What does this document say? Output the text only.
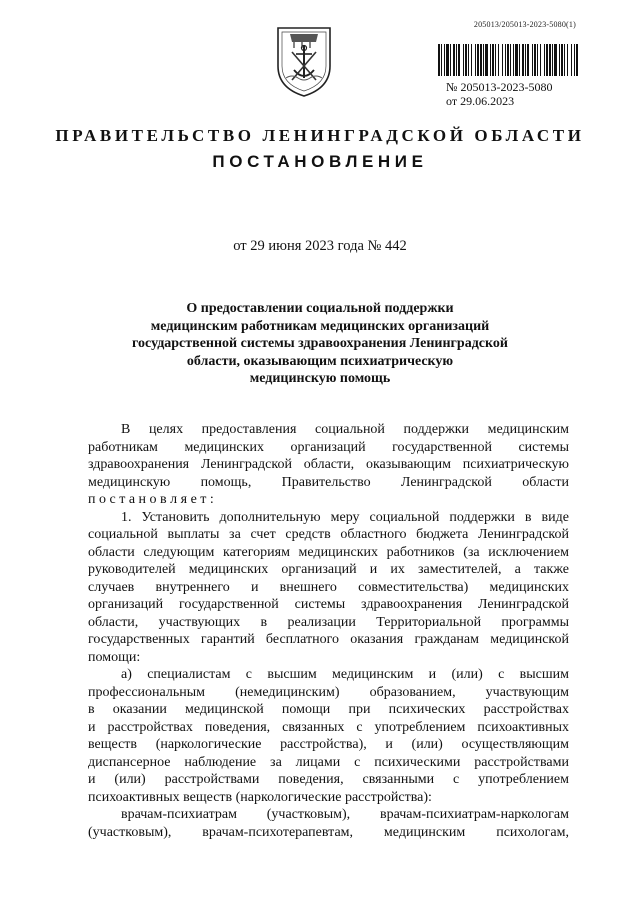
205013/205013-2023-5080(1)
№ 205013-2023-5080
от 29.06.2023
ПРАВИТЕЛЬСТВО ЛЕНИНГРАДСКОЙ ОБЛАСТИ
ПОСТАНОВЛЕНИЕ
от 29 июня 2023 года № 442
О предоставлении социальной поддержки
медицинским работникам медицинских организаций
государственной системы здравоохранения Ленинградской
области, оказывающим психиатрическую
медицинскую помощь
В целях предоставления социальной поддержки медицинским
работникам медицинских организаций государственной системы
здравоохранения Ленинградской области, оказывающим психиатрическую
медицинскую помощь, Правительство Ленинградской области
п о с т а н о в л я е т :
1. Установить дополнительную меру социальной поддержки в виде
социальной выплаты за счет средств областного бюджета Ленинградской
области следующим категориям медицинских работников (за исключением
руководителей медицинских организаций и их заместителей, а также
случаев внутреннего и внешнего совместительства) медицинских
организаций государственной системы здравоохранения Ленинградской
области, участвующих в реализации Территориальной программы
государственных гарантий бесплатного оказания гражданам медицинской
помощи:
а) специалистам с высшим медицинским и (или) с высшим
профессиональным (немедицинским) образованием, участвующим
в оказании медицинской помощи при психических расстройствах
и расстройствах поведения, связанных с употреблением психоактивных
веществ (наркологические расстройства), и (или) осуществляющим
диспансерное наблюдение за лицами с психическими расстройствами
и (или) расстройствами поведения, связанными с употреблением
психоактивных веществ (наркологические расстройства):
врачам-психиатрам (участковым), врачам-психиатрам-наркологам
(участковым), врачам-психотерапевтам, медицинским психологам,
